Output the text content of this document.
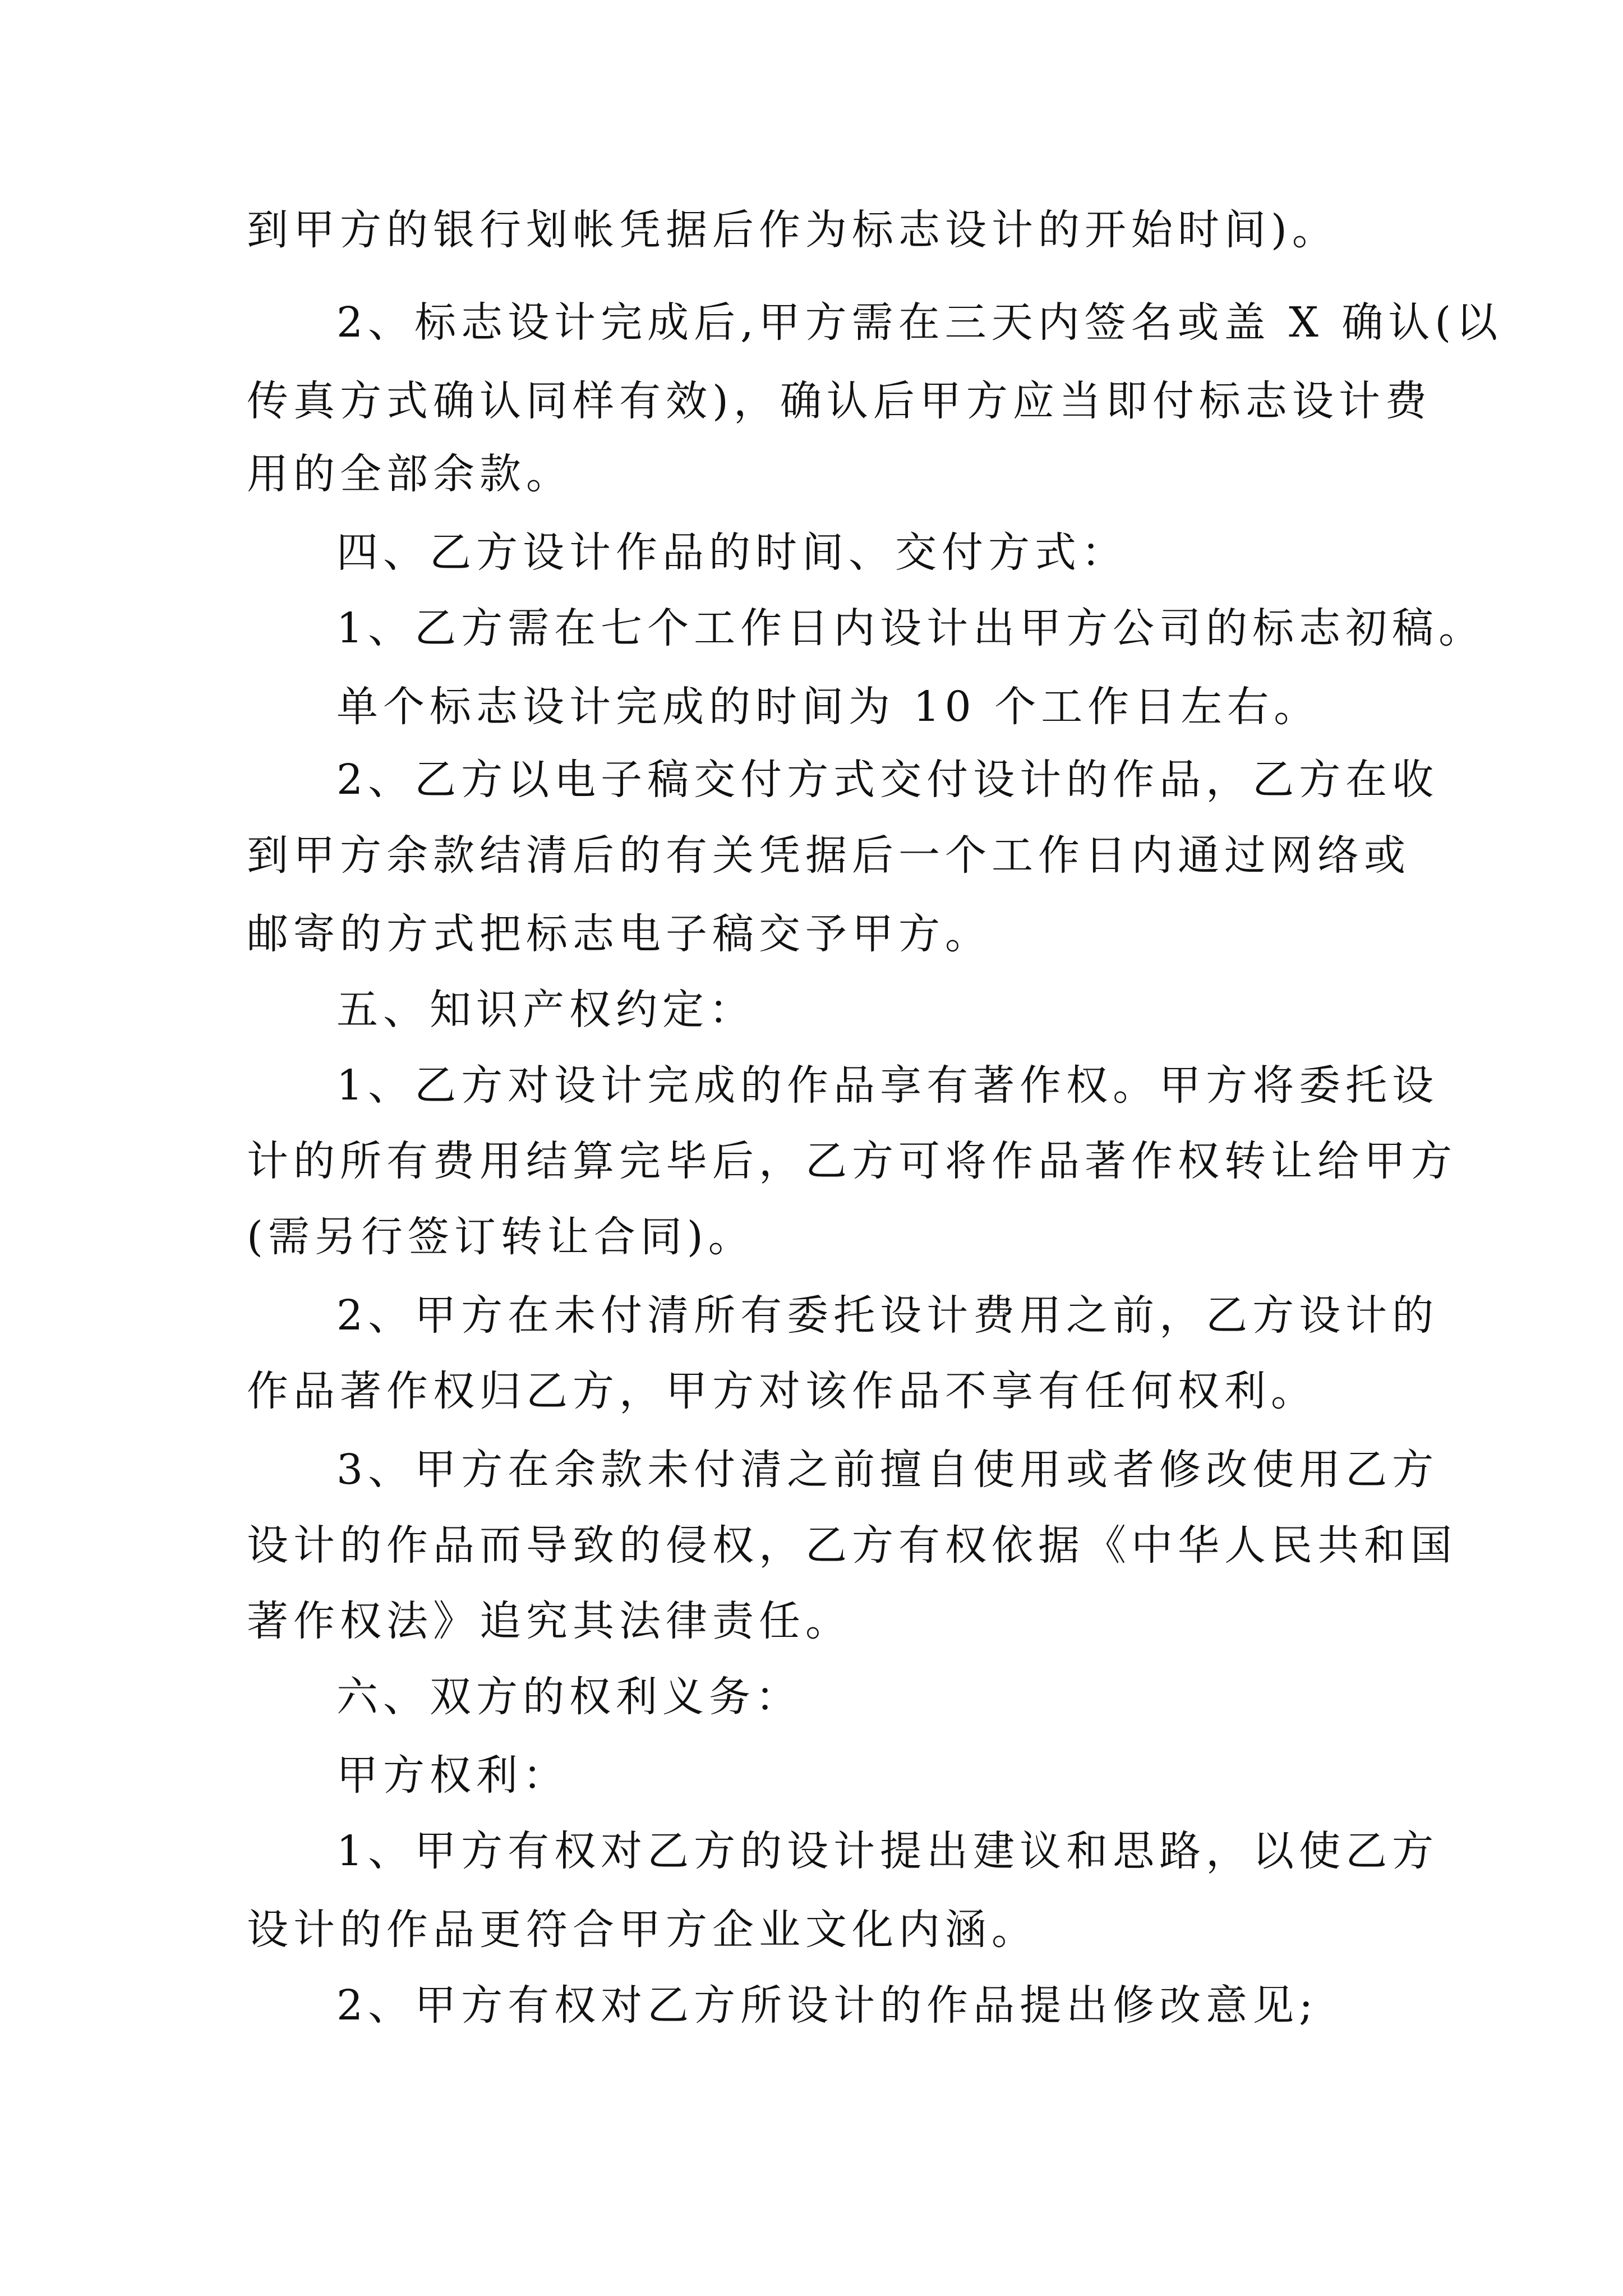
到甲方的银行划帐凭据后作为标志设计的开始时间)。
2、标志设计完成后,甲方需在三天内签名或盖 X 确认(以
传真方式确认同样有效)，确认后甲方应当即付标志设计费
用的全部余款。
四、乙方设计作品的时间、交付方式：
1、乙方需在七个工作日内设计出甲方公司的标志初稿。
单个标志设计完成的时间为 10 个工作日左右。
2、乙方以电子稿交付方式交付设计的作品，乙方在收
到甲方余款结清后的有关凭据后一个工作日内通过网络或
邮寄的方式把标志电子稿交予甲方。
五、知识产权约定：
1、乙方对设计完成的作品享有著作权。甲方将委托设
计的所有费用结算完毕后，乙方可将作品著作权转让给甲方
(需另行签订转让合同)。
2、甲方在未付清所有委托设计费用之前，乙方设计的
作品著作权归乙方，甲方对该作品不享有任何权利。
3、甲方在余款未付清之前擅自使用或者修改使用乙方
设计的作品而导致的侵权，乙方有权依据《中华人民共和国
著作权法》追究其法律责任。
六、双方的权利义务：
甲方权利：
1、甲方有权对乙方的设计提出建议和思路，以使乙方
设计的作品更符合甲方企业文化内涵。
2、甲方有权对乙方所设计的作品提出修改意见;
